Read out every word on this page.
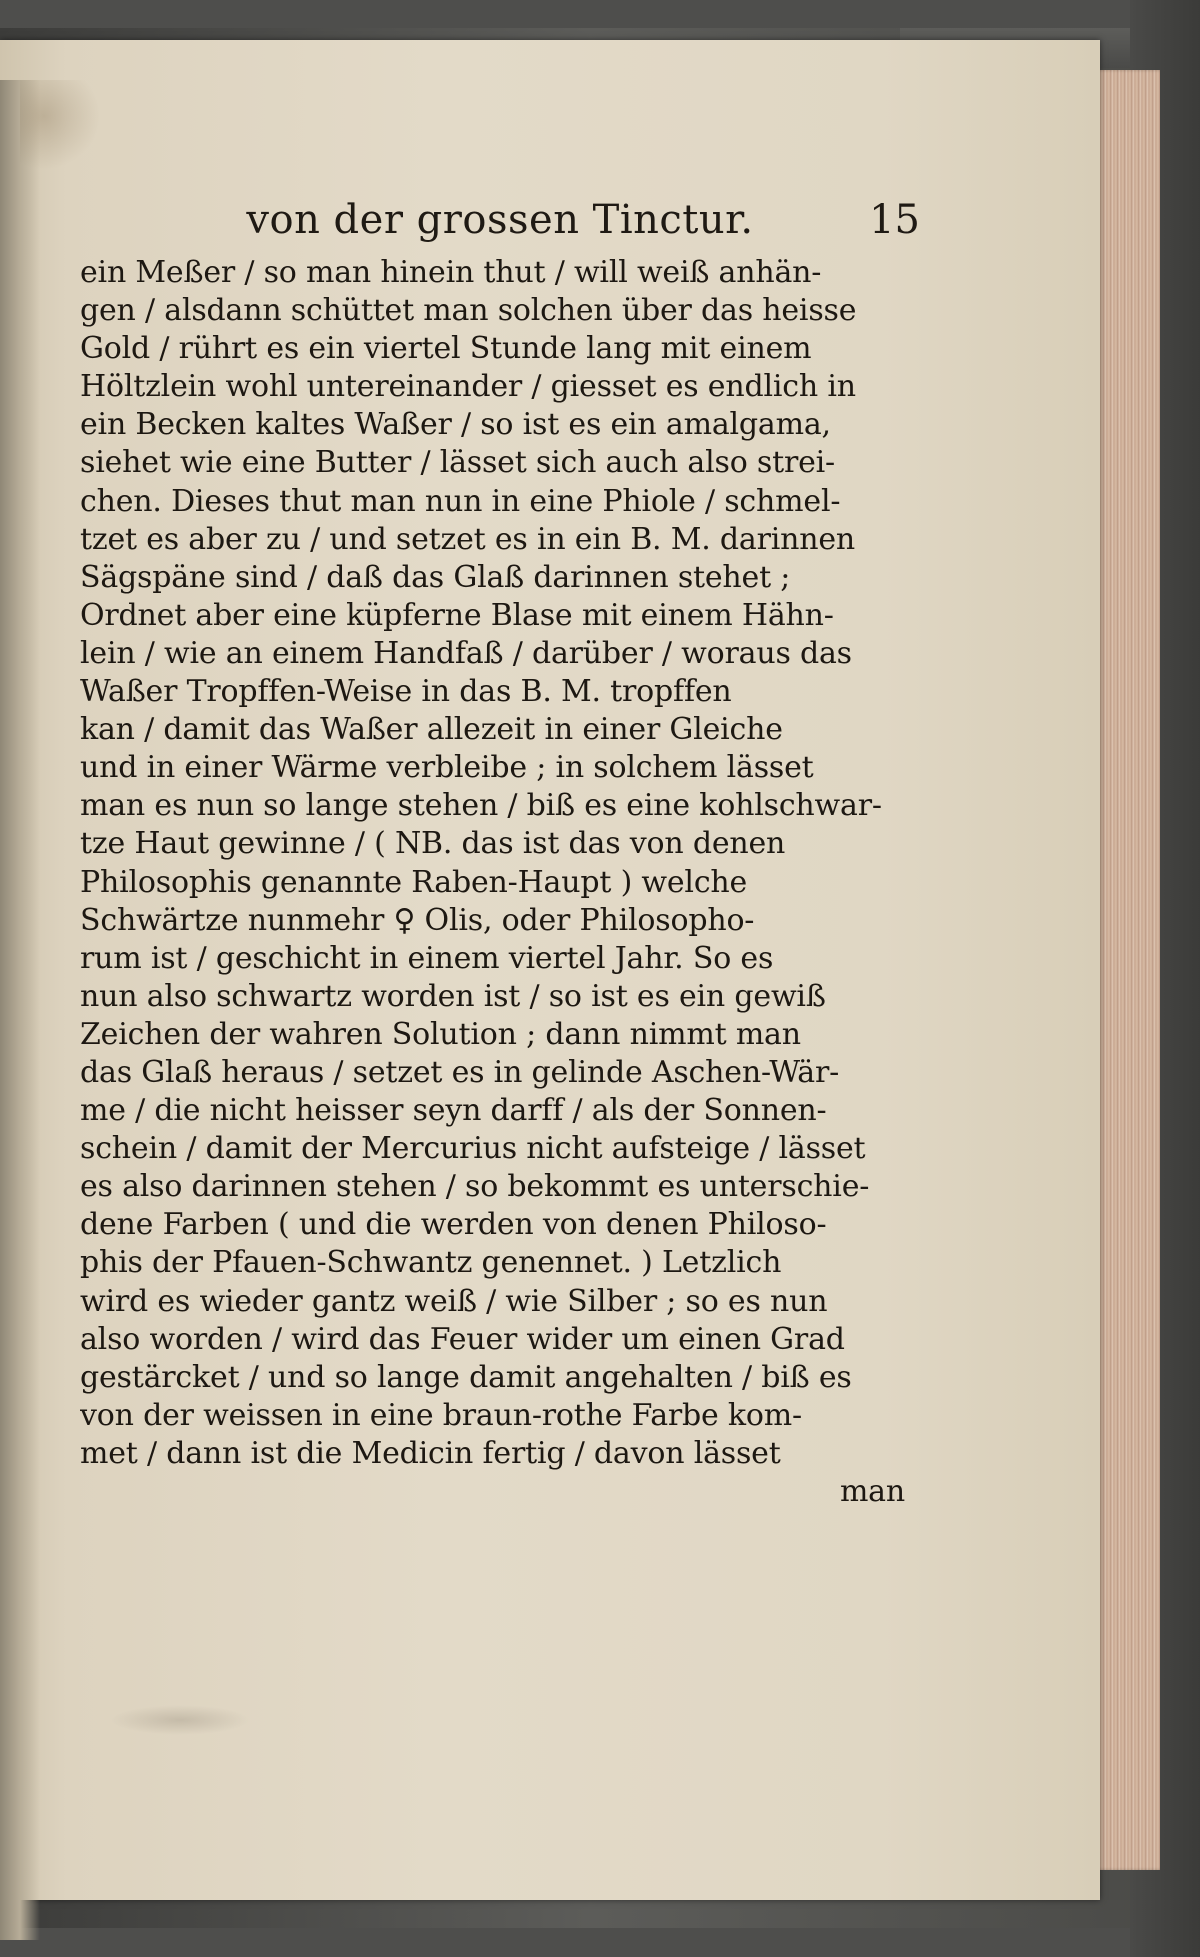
von der grossen Tinctur.	15
ein Meßer / so man hinein thut / will weiß anhän-
gen / alsdann schüttet man solchen über das heisse
Gold / rührt es ein viertel Stunde lang mit einem
Höltzlein wohl untereinander / giesset es endlich in
ein Becken kaltes Waßer / so ist es ein amalgama,
siehet wie eine Butter / lässet sich auch also strei-
chen. Dieses thut man nun in eine Phiole / schmel-
tzet es aber zu / und setzet es in ein B. M. darinnen
Sägspäne sind / daß das Glaß darinnen stehet ;
Ordnet aber eine küpferne Blase mit einem Hähn-
lein / wie an einem Handfaß / darüber / woraus das
Waßer Tropffen-Weise in das B. M. tropffen
kan / damit das Waßer allezeit in einer Gleiche
und in einer Wärme verbleibe ; in solchem lässet
man es nun so lange stehen / biß es eine kohlschwar-
tze Haut gewinne / ( NB. das ist das von denen
Philosophis genannte Raben-Haupt ) welche
Schwärtze nunmehr ♀ Olis, oder Philosopho-
rum ist / geschicht in einem viertel Jahr. So es
nun also schwartz worden ist / so ist es ein gewiß
Zeichen der wahren Solution ; dann nimmt man
das Glaß heraus / setzet es in gelinde Aschen-Wär-
me / die nicht heisser seyn darff / als der Sonnen-
schein / damit der Mercurius nicht aufsteige / lässet
es also darinnen stehen / so bekommt es unterschie-
dene Farben ( und die werden von denen Philoso-
phis der Pfauen-Schwantz genennet. ) Letzlich
wird es wieder gantz weiß / wie Silber ; so es nun
also worden / wird das Feuer wider um einen Grad
gestärcket / und so lange damit angehalten / biß es
von der weissen in eine braun-rothe Farbe kom-
met / dann ist die Medicin fertig / davon lässet
man
